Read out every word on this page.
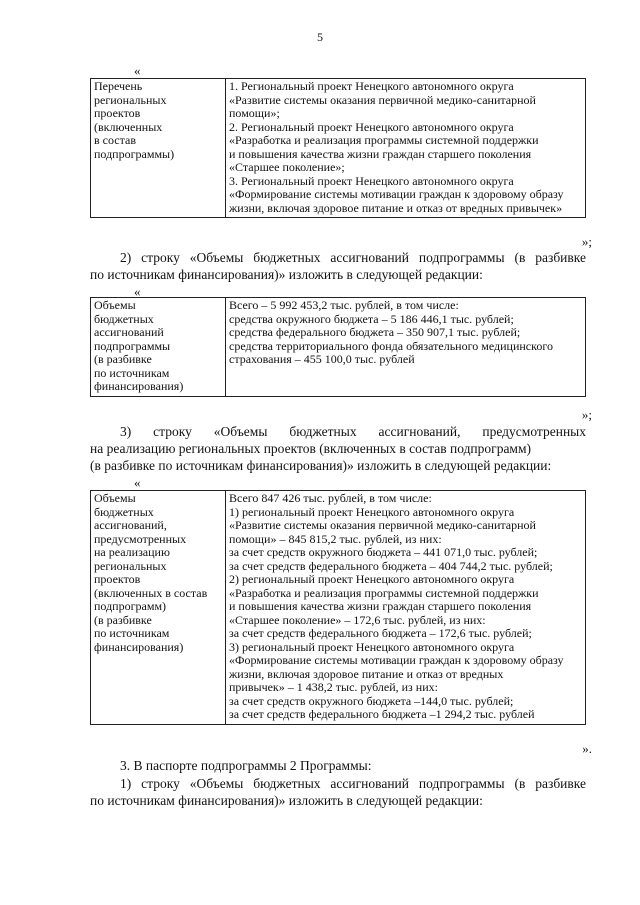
5
«
Перечень
региональных
проектов
(включенных
в состав
подпрограммы)

1. Региональный проект Ненецкого автономного округа
«Развитие системы оказания первичной медико-санитарной
помощи»;
2. Региональный проект Ненецкого автономного округа
«Разработка и реализация программы системной поддержки
и повышения качества жизни граждан старшего поколения
«Старшее поколение»;
3. Региональный проект Ненецкого автономного округа
«Формирование системы мотивации граждан к здоровому образу
жизни, включая здоровое питание и отказ от вредных привычек»
»;
2) строку «Объемы бюджетных ассигнований подпрограммы (в разбивке
по источникам финансирования)» изложить в следующей редакции:
«
Объемы
бюджетных
ассигнований
подпрограммы
(в разбивке
по источникам
финансирования)

Всего – 5 992 453,2 тыс. рублей, в том числе:
средства окружного бюджета – 5 186 446,1 тыс. рублей;
средства федерального бюджета – 350 907,1 тыс. рублей;
средства территориального фонда обязательного медицинского
страхования – 455 100,0 тыс. рублей
»;
3) строку «Объемы бюджетных ассигнований, предусмотренных
на реализацию региональных проектов (включенных в состав подпрограмм)
(в разбивке по источникам финансирования)» изложить в следующей редакции:
«
Объемы
бюджетных
ассигнований,
предусмотренных
на реализацию
региональных
проектов
(включенных в состав
подпрограмм)
(в разбивке
по источникам
финансирования)

Всего 847 426 тыс. рублей, в том числе:
1) региональный проект Ненецкого автономного округа
«Развитие системы оказания первичной медико-санитарной
помощи» – 845 815,2 тыс. рублей, из них:
за счет средств окружного бюджета – 441 071,0 тыс. рублей;
за счет средств федерального бюджета – 404 744,2 тыс. рублей;
2) региональный проект Ненецкого автономного округа
«Разработка и реализация программы системной поддержки
и повышения качества жизни граждан старшего поколения
«Старшее поколение» – 172,6 тыс. рублей, из них:
за счет средств федерального бюджета – 172,6 тыс. рублей;
3) региональный проект Ненецкого автономного округа
«Формирование системы мотивации граждан к здоровому образу
жизни, включая здоровое питание и отказ от вредных
привычек» – 1 438,2 тыс. рублей, из них:
за счет средств окружного бюджета –144,0 тыс. рублей;
за счет средств федерального бюджета –1 294,2 тыс. рублей
».
3. В паспорте подпрограммы 2 Программы:
1) строку «Объемы бюджетных ассигнований подпрограммы (в разбивке
по источникам финансирования)» изложить в следующей редакции:
